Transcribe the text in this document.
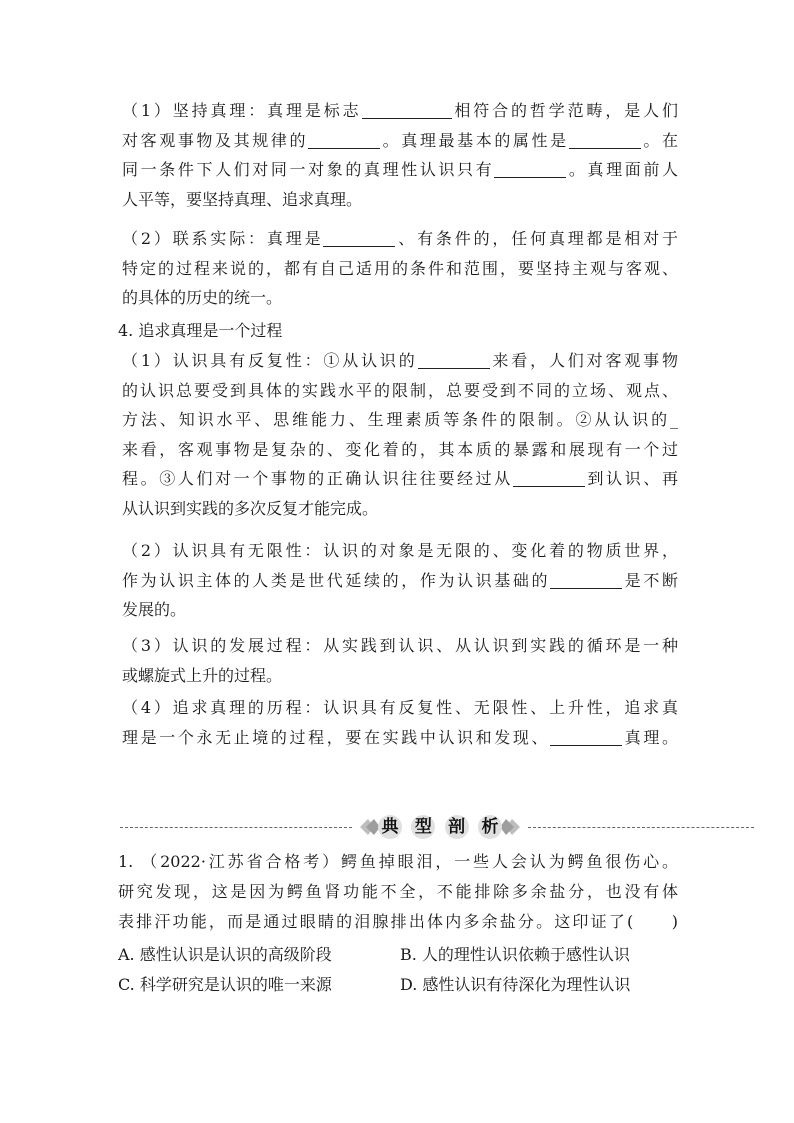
（1）坚持真理：真理是标志	相符合的哲学范畴，是人们
对客观事物及其规律的	。真理最基本的属性是	。在
同一条件下人们对同一对象的真理性认识只有	。真理面前人
人平等，要坚持真理、追求真理。

（2）联系实际：真理是	、有条件的，任何真理都是相对于
特定的过程来说的，都有自己适用的条件和范围，要坚持主观与客观、
的具体的历史的统一。

4. 追求真理是一个过程

（1）认识具有反复性：①从认识的	来看，人们对客观事物
的认识总要受到具体的实践水平的限制，总要受到不同的立场、观点、
方法、知识水平、思维能力、生理素质等条件的限制。②从认识的_
来看，客观事物是复杂的、变化着的，其本质的暴露和展现有一个过
程。③人们对一个事物的正确认识往往要经过从	到认识、再
从认识到实践的多次反复才能完成。

（2）认识具有无限性：认识的对象是无限的、变化着的物质世界，
作为认识主体的人类是世代延续的，作为认识基础的	是不断
发展的。

（3）认识的发展过程：从实践到认识、从认识到实践的循环是一种
或螺旋式上升的过程。

（4）追求真理的历程：认识具有反复性、无限性、上升性，追求真
理是一个永无止境的过程，要在实践中认识和发现、	真理。

典 型 剖 析

1. （2022·江苏省合格考）鳄鱼掉眼泪，一些人会认为鳄鱼很伤心。
研究发现，这是因为鳄鱼肾功能不全，不能排除多余盐分，也没有体
表排汗功能，而是通过眼睛的泪腺排出体内多余盐分。这印证了(　　)

A. 感性认识是认识的高级阶段	B. 人的理性认识依赖于感性认识
C. 科学研究是认识的唯一来源	D. 感性认识有待深化为理性认识
